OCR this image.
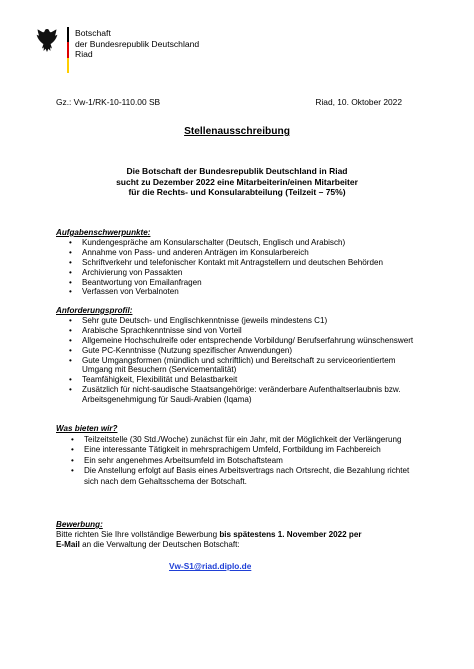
Botschaft
der Bundesrepublik Deutschland
Riad
Gz.: Vw-1/RK-10-110.00 SB	Riad, 10. Oktober 2022
Stellenausschreibung
Die Botschaft der Bundesrepublik Deutschland in Riad
sucht zu Dezember 2022 eine Mitarbeiterin/einen Mitarbeiter
für die Rechts- und Konsularabteilung (Teilzeit – 75%)
Aufgabenschwerpunkte:
• Kundengespräche am Konsularschalter (Deutsch, Englisch und Arabisch)
• Annahme von Pass- und anderen Anträgen im Konsularbereich
• Schriftverkehr und telefonischer Kontakt mit Antragstellern und deutschen Behörden
• Archivierung von Passakten
• Beantwortung von Emailanfragen
• Verfassen von Verbalnoten
Anforderungsprofil:
• Sehr gute Deutsch- und Englischkenntnisse (jeweils mindestens C1)
• Arabische Sprachkenntnisse sind von Vorteil
• Allgemeine Hochschulreife oder entsprechende Vorbildung/ Berufserfahrung wünschenswert
• Gute PC-Kenntnisse (Nutzung spezifischer Anwendungen)
• Gute Umgangsformen (mündlich und schriftlich) und Bereitschaft zu serviceorientiertem Umgang mit Besuchern (Servicementalität)
• Teamfähigkeit, Flexibilität und Belastbarkeit
• Zusätzlich für nicht-saudische Staatsangehörige: veränderbare Aufenthaltserlaubnis bzw. Arbeitsgenehmigung für Saudi-Arabien (Iqama)
Was bieten wir?
• Teilzeitstelle (30 Std./Woche) zunächst für ein Jahr, mit der Möglichkeit der Verlängerung
• Eine interessante Tätigkeit in mehrsprachigem Umfeld, Fortbildung im Fachbereich
• Ein sehr angenehmes Arbeitsumfeld im Botschaftsteam
• Die Anstellung erfolgt auf Basis eines Arbeitsvertrags nach Ortsrecht, die Bezahlung richtet sich nach dem Gehaltsschema der Botschaft.
Bewerbung:
Bitte richten Sie Ihre vollständige Bewerbung bis spätestens 1. November 2022 per
E-Mail an die Verwaltung der Deutschen Botschaft:
Vw-S1@riad.diplo.de
